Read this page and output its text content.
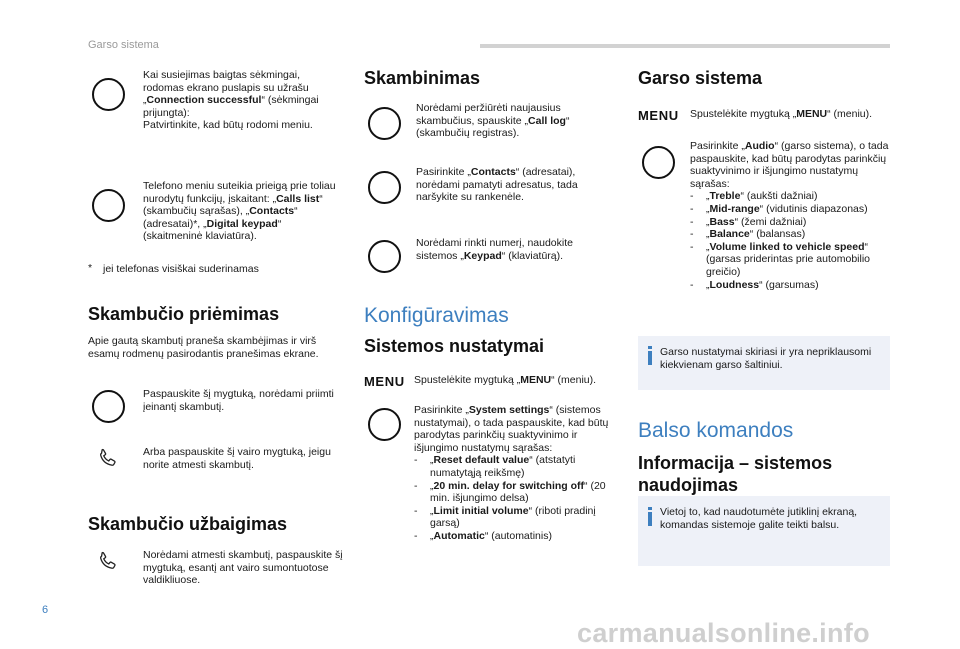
Garso sistema
Kai susiejimas baigtas sėkmingai, rodomas ekrano puslapis su užrašu „Connection successful“ (sėkmingai prijungta):
Patvirtinkite, kad būtų rodomi meniu.
Telefono meniu suteikia prieigą prie toliau nurodytų funkcijų, įskaitant: „Calls list“ (skambučių sąrašas), „Contacts“ (adresatai)*, „Digital keypad“ (skaitmeninė klaviatūra).
* jei telefonas visiškai suderinamas
Skambučio priėmimas
Apie gautą skambutį praneša skambėjimas ir virš esamų rodmenų pasirodantis pranešimas ekrane.
Paspauskite šį mygtuką, norėdami priimti įeinantį skambutį.
Arba paspauskite šį vairo mygtuką, jeigu norite atmesti skambutį.
Skambučio užbaigimas
Norėdami atmesti skambutį, paspauskite šį mygtuką, esantį ant vairo sumontuotose valdikliuose.
Skambinimas
Norėdami peržiūrėti naujausius skambučius, spauskite „Call log“ (skambučių registras).
Pasirinkite „Contacts“ (adresatai), norėdami pamatyti adresatus, tada naršykite su rankenėle.
Norėdami rinkti numerį, naudokite sistemos „Keypad“ (klaviatūrą).
Konfigūravimas
Sistemos nustatymai
MENU Spustelėkite mygtuką „MENU“ (meniu).
Pasirinkite „System settings“ (sistemos nustatymai), o tada paspauskite, kad būtų parodytas parinkčių suaktyvinimo ir išjungimo nustatymų sąrašas:
- „Reset default value“ (atstatyti numatytąją reikšmę)
- „20 min. delay for switching off“ (20 min. išjungimo delsa)
- „Limit initial volume“ (riboti pradinį garsą)
- „Automatic“ (automatinis)
Garso sistema
MENU Spustelėkite mygtuką „MENU“ (meniu).
Pasirinkite „Audio“ (garso sistema), o tada paspauskite, kad būtų parodytas parinkčių suaktyvinimo ir išjungimo nustatymų sąrašas:
- „Treble“ (aukšti dažniai)
- „Mid-range“ (vidutinis diapazonas)
- „Bass“ (žemi dažniai)
- „Balance“ (balansas)
- „Volume linked to vehicle speed“ (garsas priderintas prie automobilio greičio)
- „Loudness“ (garsumas)
Garso nustatymai skiriasi ir yra nepriklausomi kiekvienam garso šaltiniui.
Balso komandos
Informacija – sistemos naudojimas
Vietoj to, kad naudotumėte jutiklinį ekraną, komandas sistemoje galite teikti balsu.
6
carmanualsonline.info
